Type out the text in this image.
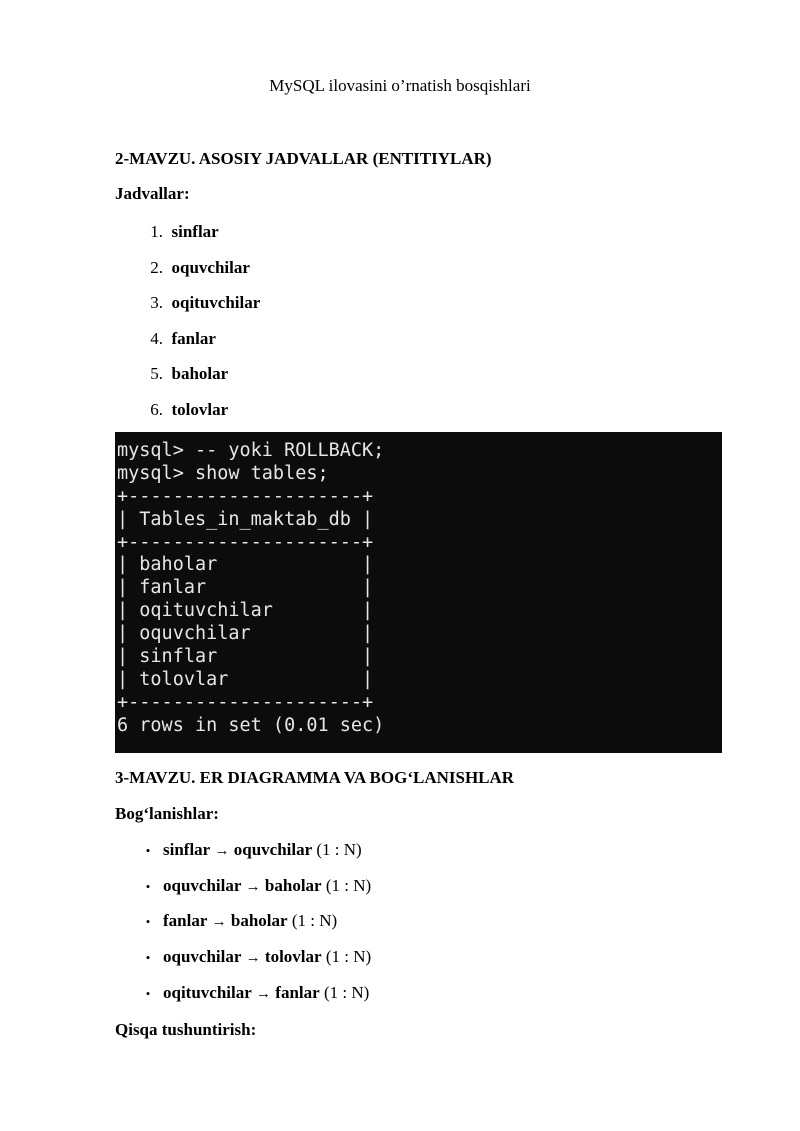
MySQL ilovasini o’rnatish bosqishlari
2-MAVZU. ASOSIY JADVALLAR (ENTITIYLAR)

Jadvallar:

1. sinflar
2. oquvchilar
3. oqituvchilar
4. fanlar
5. baholar
6. tolovlar
mysql> -- yoki ROLLBACK;
mysql> show tables;
+---------------------+
| Tables_in_maktab_db |
+---------------------+
| baholar             |
| fanlar              |
| oqituvchilar        |
| oquvchilar          |
| sinflar             |
| tolovlar            |
+---------------------+
6 rows in set (0.01 sec)
3-MAVZU. ER DIAGRAMMA VA BOG‘LANISHLAR

Bog‘lanishlar:

• sinflar → oquvchilar (1 : N)
• oquvchilar → baholar (1 : N)
• fanlar → baholar (1 : N)
• oquvchilar → tolovlar (1 : N)
• oqituvchilar → fanlar (1 : N)

Qisqa tushuntirish:
